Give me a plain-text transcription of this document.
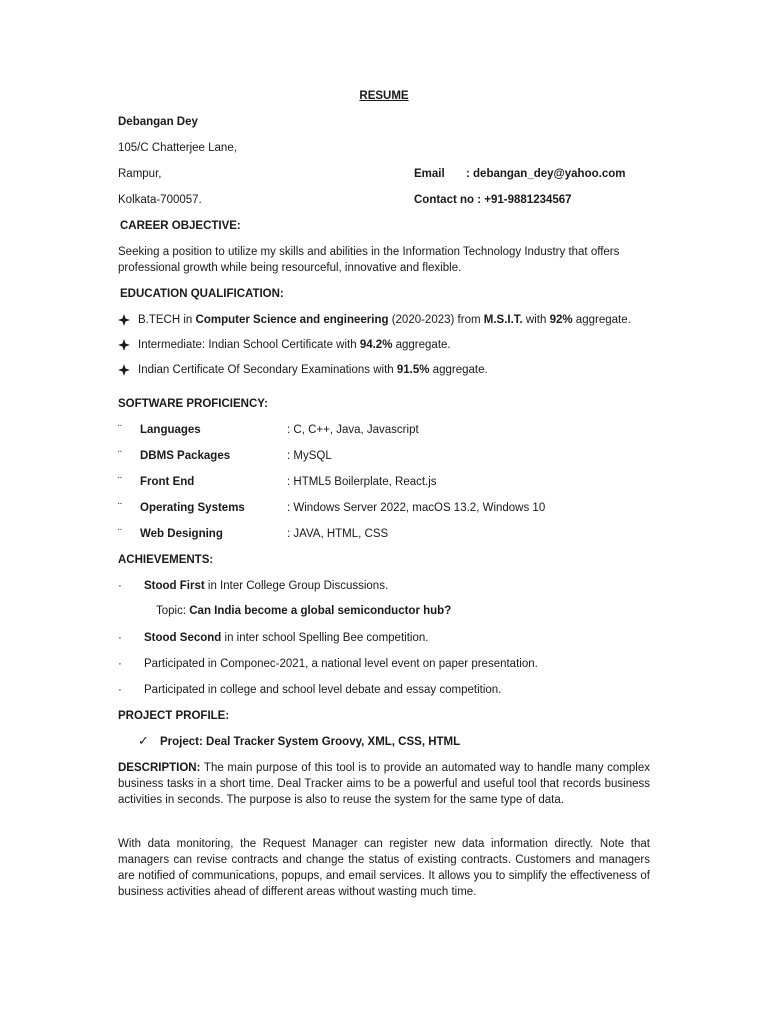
RESUME
Debangan Dey
105/C Chatterjee Lane,
Rampur,
Kolkata-700057.
Email : debangan_dey@yahoo.com
Contact no : +91-9881234567
CAREER OBJECTIVE:
Seeking a position to utilize my skills and abilities in the Information Technology Industry that offers professional growth while being resourceful, innovative and flexible.
EDUCATION QUALIFICATION:
B.TECH in Computer Science and engineering (2020-2023) from M.S.I.T. with 92% aggregate.
Intermediate: Indian School Certificate with 94.2% aggregate.
Indian Certificate Of Secondary Examinations with 91.5% aggregate.
SOFTWARE PROFICIENCY:
¨ Languages	: C, C++, Java, Javascript
¨ DBMS Packages	: MySQL
¨ Front End	: HTML5 Boilerplate, React.js
¨ Operating Systems	: Windows Server 2022, macOS 13.2, Windows 10
¨ Web Designing	: JAVA, HTML, CSS
ACHIEVEMENTS:
· Stood First in Inter College Group Discussions.
Topic: Can India become a global semiconductor hub?
· Stood Second in inter school Spelling Bee competition.
· Participated in Componec-2021, a national level event on paper presentation.
· Participated in college and school level debate and essay competition.
PROJECT PROFILE:
✓ Project: Deal Tracker System Groovy, XML, CSS, HTML
DESCRIPTION: The main purpose of this tool is to provide an automated way to handle many complex business tasks in a short time. Deal Tracker aims to be a powerful and useful tool that records business activities in seconds. The purpose is also to reuse the system for the same type of data.
With data monitoring, the Request Manager can register new data information directly. Note that managers can revise contracts and change the status of existing contracts. Customers and managers are notified of communications, popups, and email services. It allows you to simplify the effectiveness of business activities ahead of different areas without wasting much time.
